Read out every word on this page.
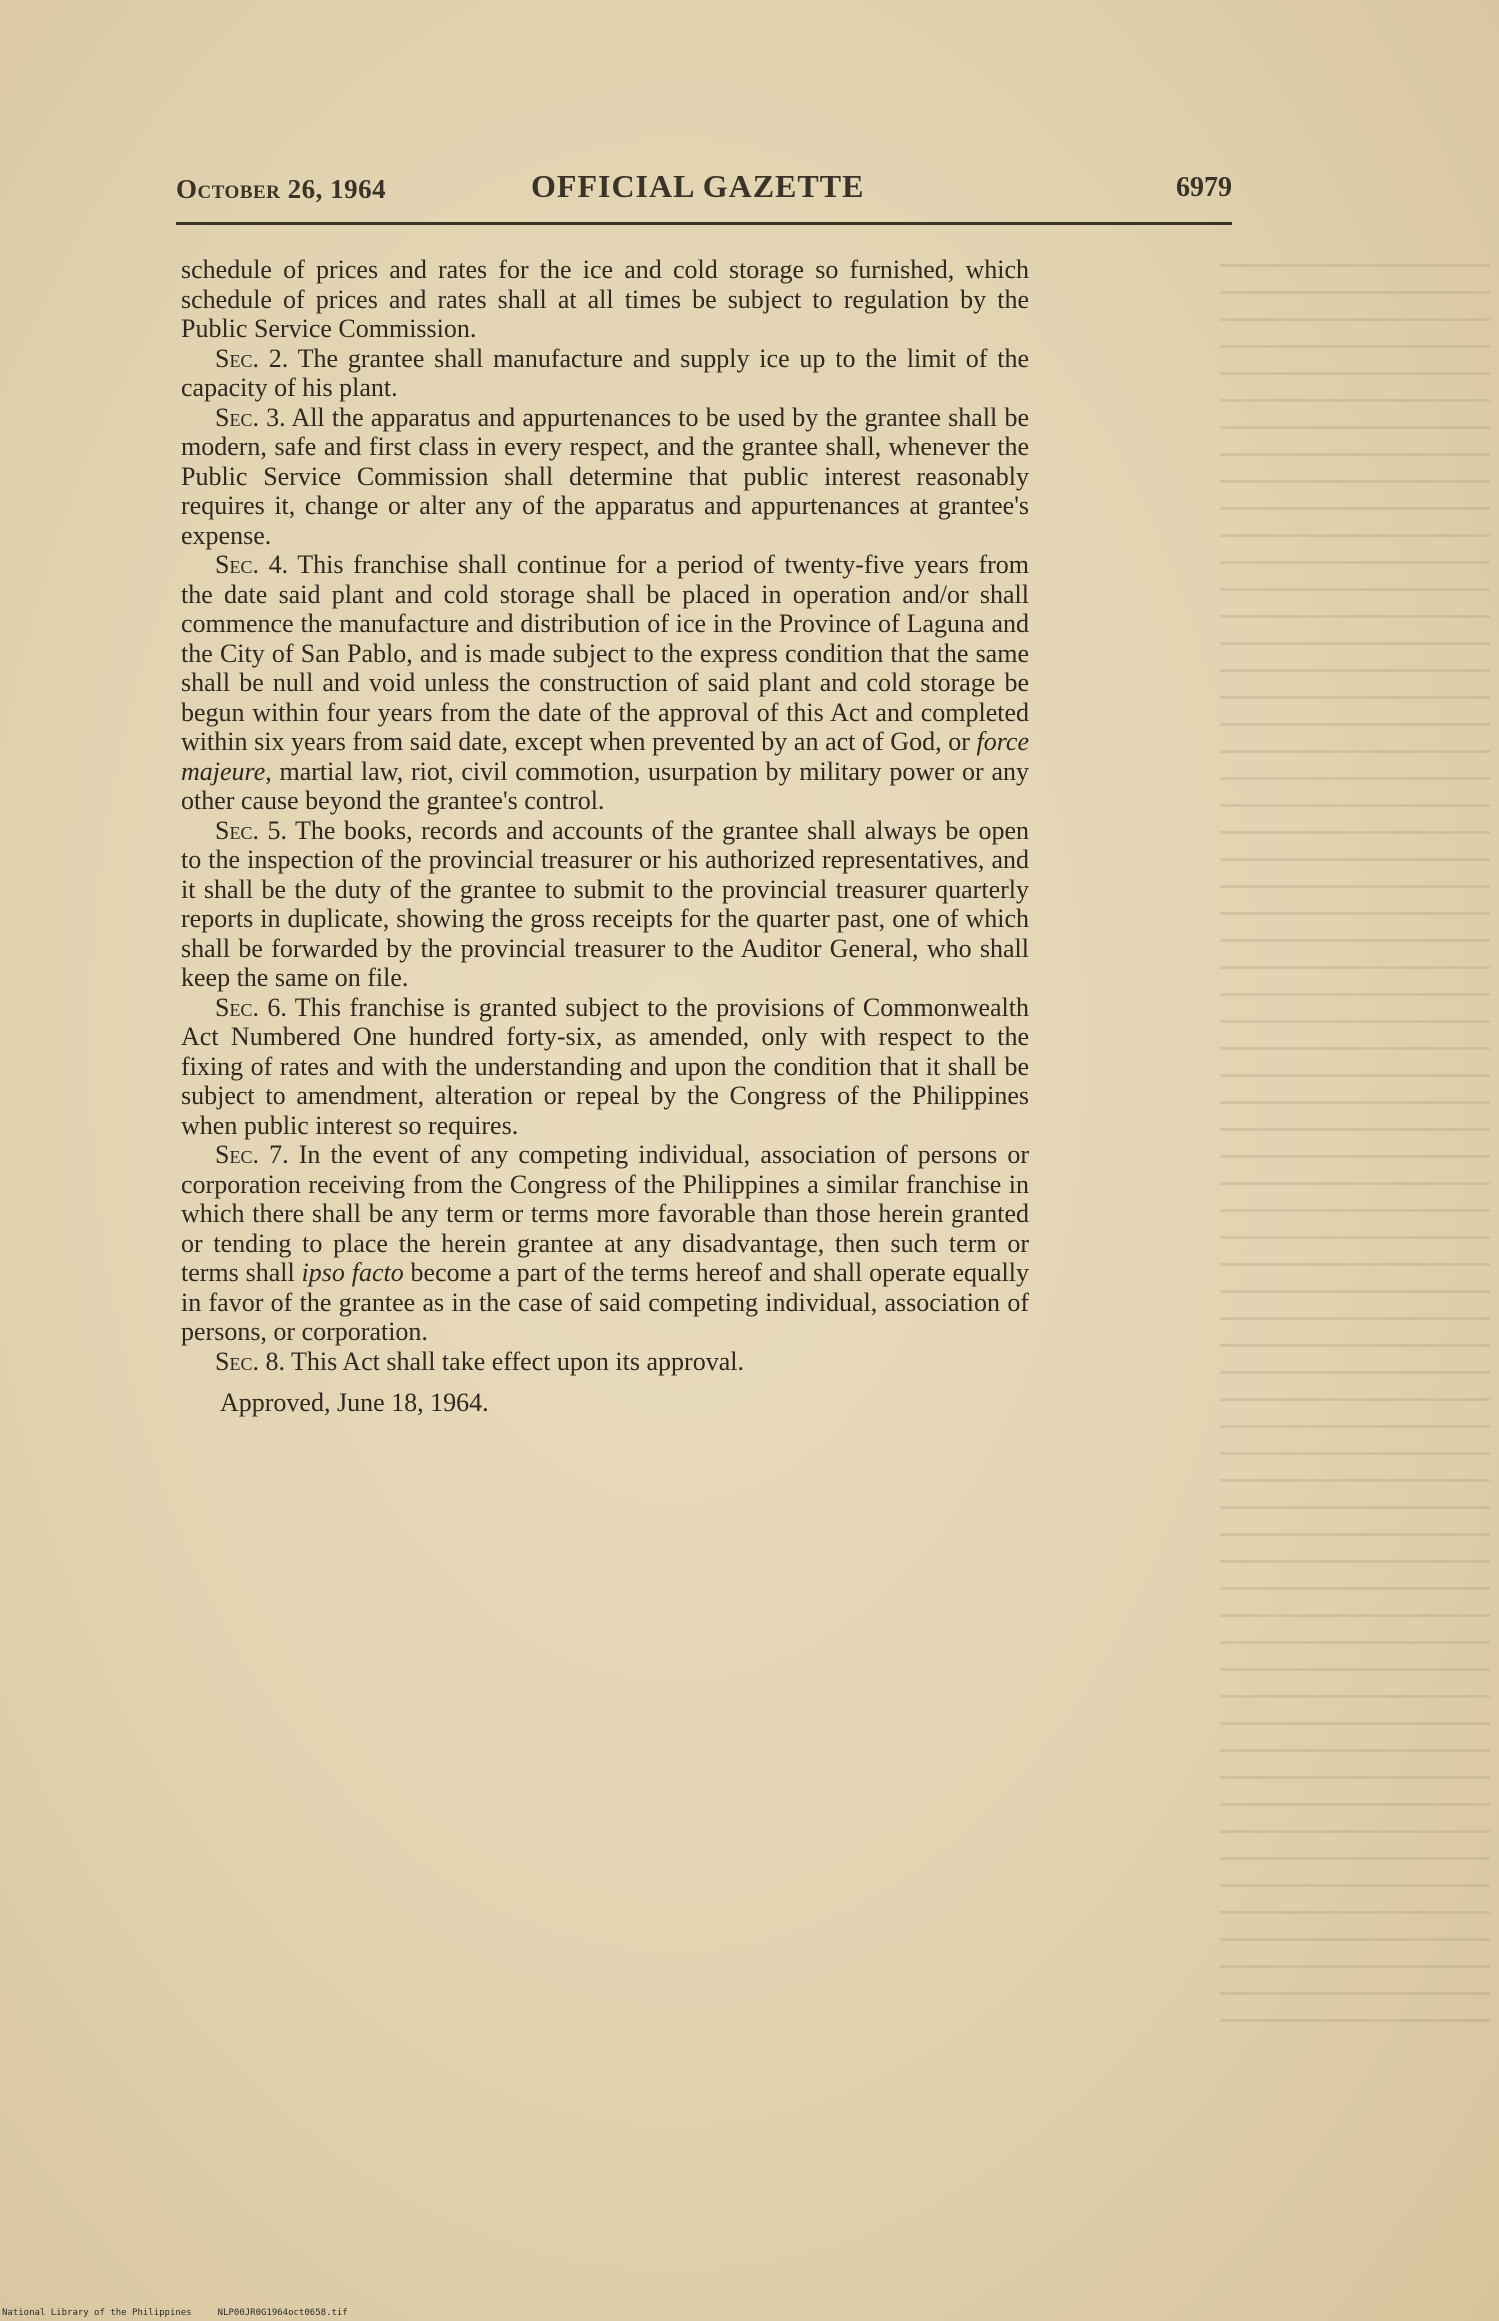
October 26, 1964	OFFICIAL GAZETTE	6979

schedule of prices and rates for the ice and cold storage so furnished, which schedule of prices and rates shall at all times be subject to regulation by the Public Service Commission.

Sec. 2. The grantee shall manufacture and supply ice up to the limit of the capacity of his plant.

Sec. 3. All the apparatus and appurtenances to be used by the grantee shall be modern, safe and first class in every respect, and the grantee shall, whenever the Public Service Commission shall determine that public interest reasonably requires it, change or alter any of the apparatus and appurtenances at grantee's expense.

Sec. 4. This franchise shall continue for a period of twenty-five years from the date said plant and cold storage shall be placed in operation and/or shall commence the manufacture and distribution of ice in the Province of Laguna and the City of San Pablo, and is made subject to the express condition that the same shall be null and void unless the construction of said plant and cold storage be begun within four years from the date of the approval of this Act and completed within six years from said date, except when prevented by an act of God, or force majeure, martial law, riot, civil commotion, usurpation by military power or any other cause beyond the grantee's control.

Sec. 5. The books, records and accounts of the grantee shall always be open to the inspection of the provincial treasurer or his authorized representatives, and it shall be the duty of the grantee to submit to the provincial treasurer quarterly reports in duplicate, showing the gross receipts for the quarter past, one of which shall be forwarded by the provincial treasurer to the Auditor General, who shall keep the same on file.

Sec. 6. This franchise is granted subject to the provisions of Commonwealth Act Numbered One hundred forty-six, as amended, only with respect to the fixing of rates and with the understanding and upon the condition that it shall be subject to amendment, alteration or repeal by the Congress of the Philippines when public interest so requires.

Sec. 7. In the event of any competing individual, association of persons or corporation receiving from the Congress of the Philippines a similar franchise in which there shall be any term or terms more favorable than those herein granted or tending to place the herein grantee at any disadvantage, then such term or terms shall ipso facto become a part of the terms hereof and shall operate equally in favor of the grantee as in the case of said competing individual, association of persons, or corporation.

Sec. 8. This Act shall take effect upon its approval.

Approved, June 18, 1964.

National Library of the Philippines	NLP00JR0G1964oct0658.tif
